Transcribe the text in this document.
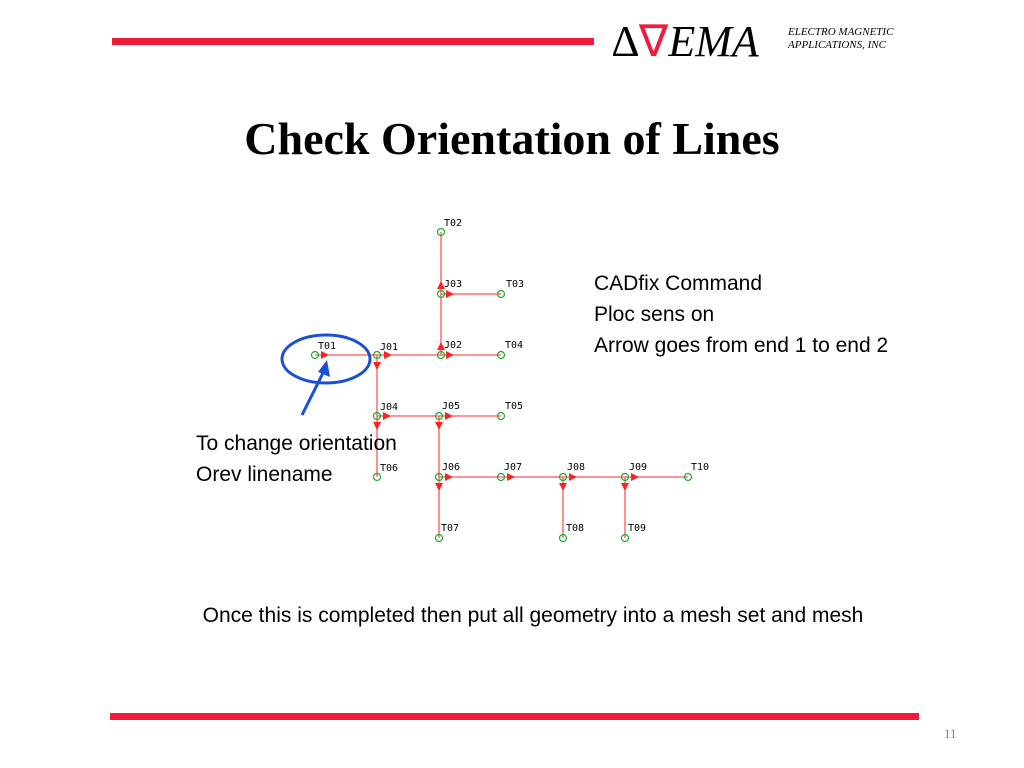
∆∇EMA	ELECTRO MAGNETIC
APPLICATIONS, INC
Check Orientation of Lines
T02
J03	T03
T01	J01	J02	T04
J04	J05	T05
T06	J06	J07	J08	J09	T10
T07	T08	T09
CADfix Command
Ploc sens on
Arrow goes from end 1 to end 2
To change orientation
Orev linename
Once this is completed then put all geometry into a mesh set and mesh
11
